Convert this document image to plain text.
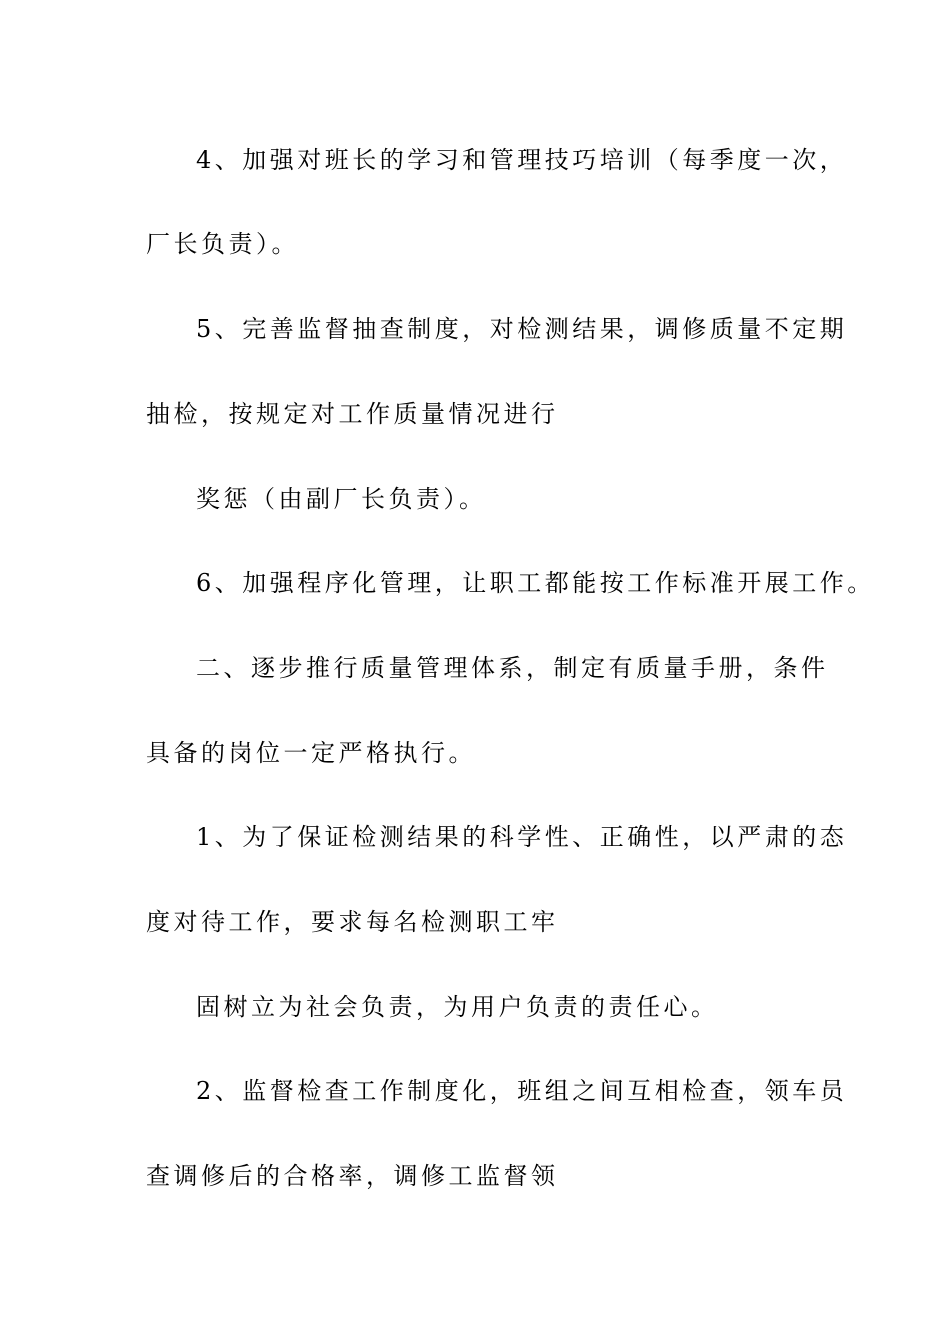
4、加强对班长的学习和管理技巧培训（每季度一次，
厂长负责）。
5、完善监督抽查制度，对检测结果，调修质量不定期
抽检，按规定对工作质量情况进行
奖惩（由副厂长负责）。
6、加强程序化管理，让职工都能按工作标准开展工作。
二、逐步推行质量管理体系，制定有质量手册，条件
具备的岗位一定严格执行。
1、为了保证检测结果的科学性、正确性，以严肃的态
度对待工作，要求每名检测职工牢
固树立为社会负责，为用户负责的责任心。
2、监督检查工作制度化，班组之间互相检查，领车员
查调修后的合格率，调修工监督领
